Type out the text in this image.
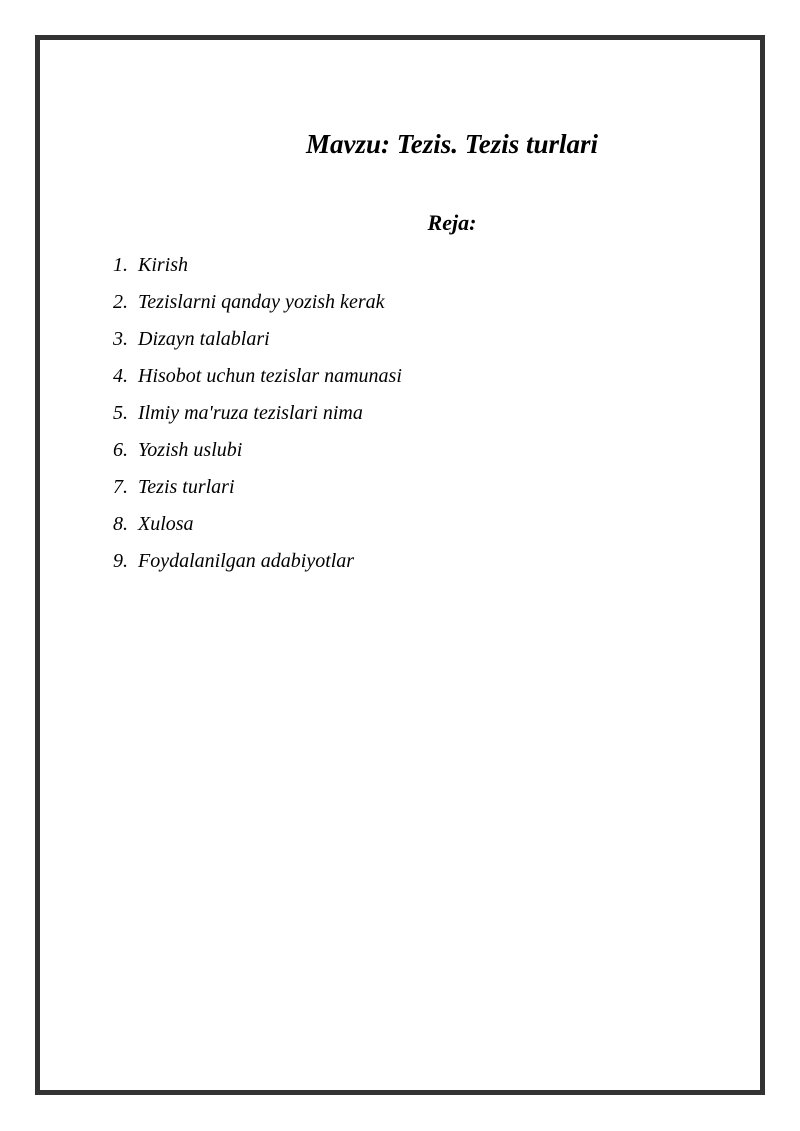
Mavzu: Tezis. Tezis turlari
Reja:
1. Kirish
2. Tezislarni qanday yozish kerak
3. Dizayn talablari
4. Hisobot uchun tezislar namunasi
5. Ilmiy ma'ruza tezislari nima
6. Yozish uslubi
7. Tezis turlari
8. Xulosa
9. Foydalanilgan adabiyotlar
